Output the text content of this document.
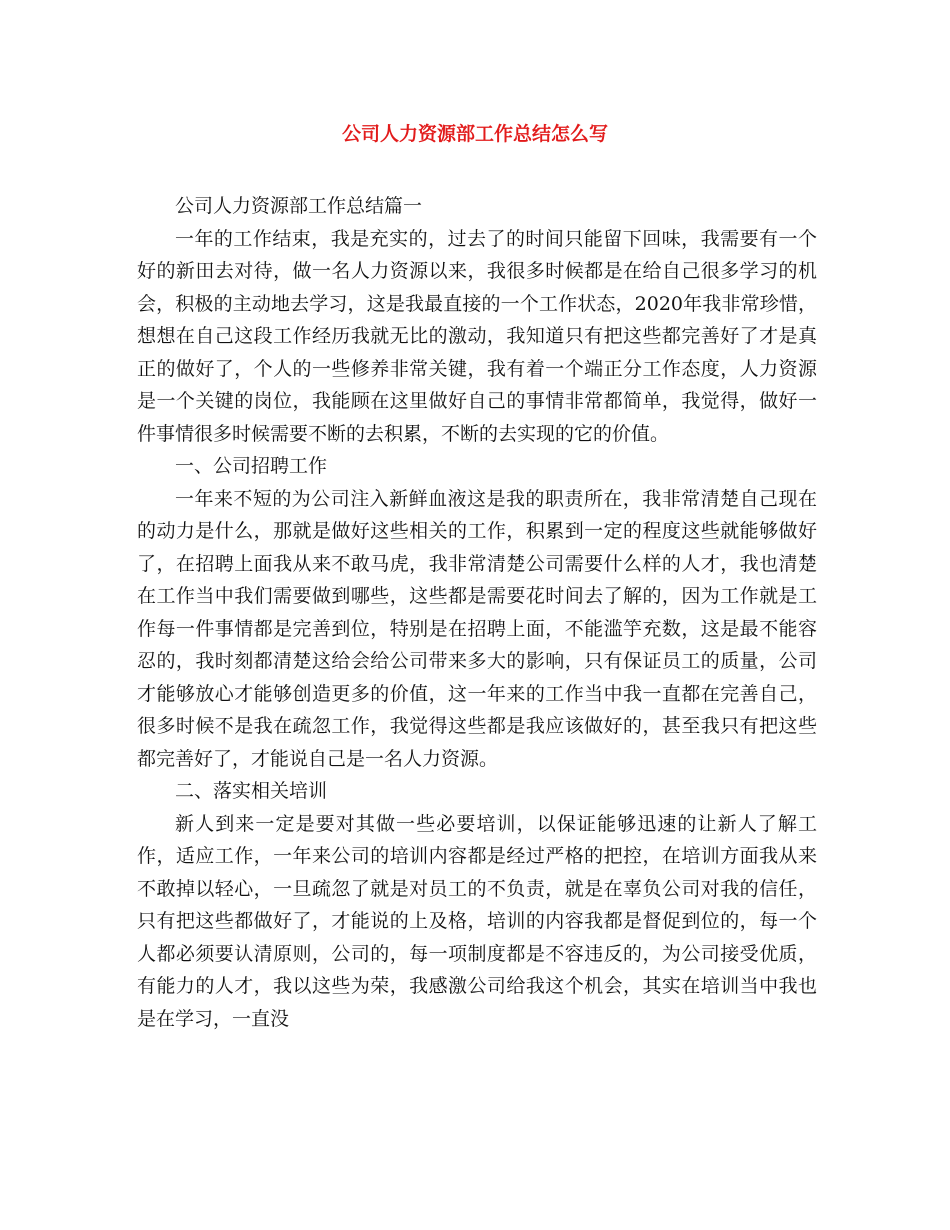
公司人力资源部工作总结怎么写

公司人力资源部工作总结篇一

一年的工作结束，我是充实的，过去了的时间只能留下回味，我需要有一个好的新田去对待，做一名人力资源以来，我很多时候都是在给自己很多学习的机会，积极的主动地去学习，这是我最直接的一个工作状态，2020年我非常珍惜，想想在自己这段工作经历我就无比的激动，我知道只有把这些都完善好了才是真正的做好了，个人的一些修养非常关键，我有着一个端正分工作态度，人力资源是一个关键的岗位，我能顾在这里做好自己的事情非常都简单，我觉得，做好一件事情很多时候需要不断的去积累，不断的去实现的它的价值。

一、公司招聘工作

一年来不短的为公司注入新鲜血液这是我的职责所在，我非常清楚自己现在的动力是什么，那就是做好这些相关的工作，积累到一定的程度这些就能够做好了，在招聘上面我从来不敢马虎，我非常清楚公司需要什么样的人才，我也清楚在工作当中我们需要做到哪些，这些都是需要花时间去了解的，因为工作就是工作每一件事情都是完善到位，特别是在招聘上面，不能滥竽充数，这是最不能容忍的，我时刻都清楚这给会给公司带来多大的影响，只有保证员工的质量，公司才能够放心才能够创造更多的价值，这一年来的工作当中我一直都在完善自己，很多时候不是我在疏忽工作，我觉得这些都是我应该做好的，甚至我只有把这些都完善好了，才能说自己是一名人力资源。

二、落实相关培训

新人到来一定是要对其做一些必要培训，以保证能够迅速的让新人了解工作，适应工作，一年来公司的培训内容都是经过严格的把控，在培训方面我从来不敢掉以轻心，一旦疏忽了就是对员工的不负责，就是在辜负公司对我的信任，只有把这些都做好了，才能说的上及格，培训的内容我都是督促到位的，每一个人都必须要认清原则，公司的，每一项制度都是不容违反的，为公司接受优质，有能力的人才，我以这些为荣，我感激公司给我这个机会，其实在培训当中我也是在学习，一直没
